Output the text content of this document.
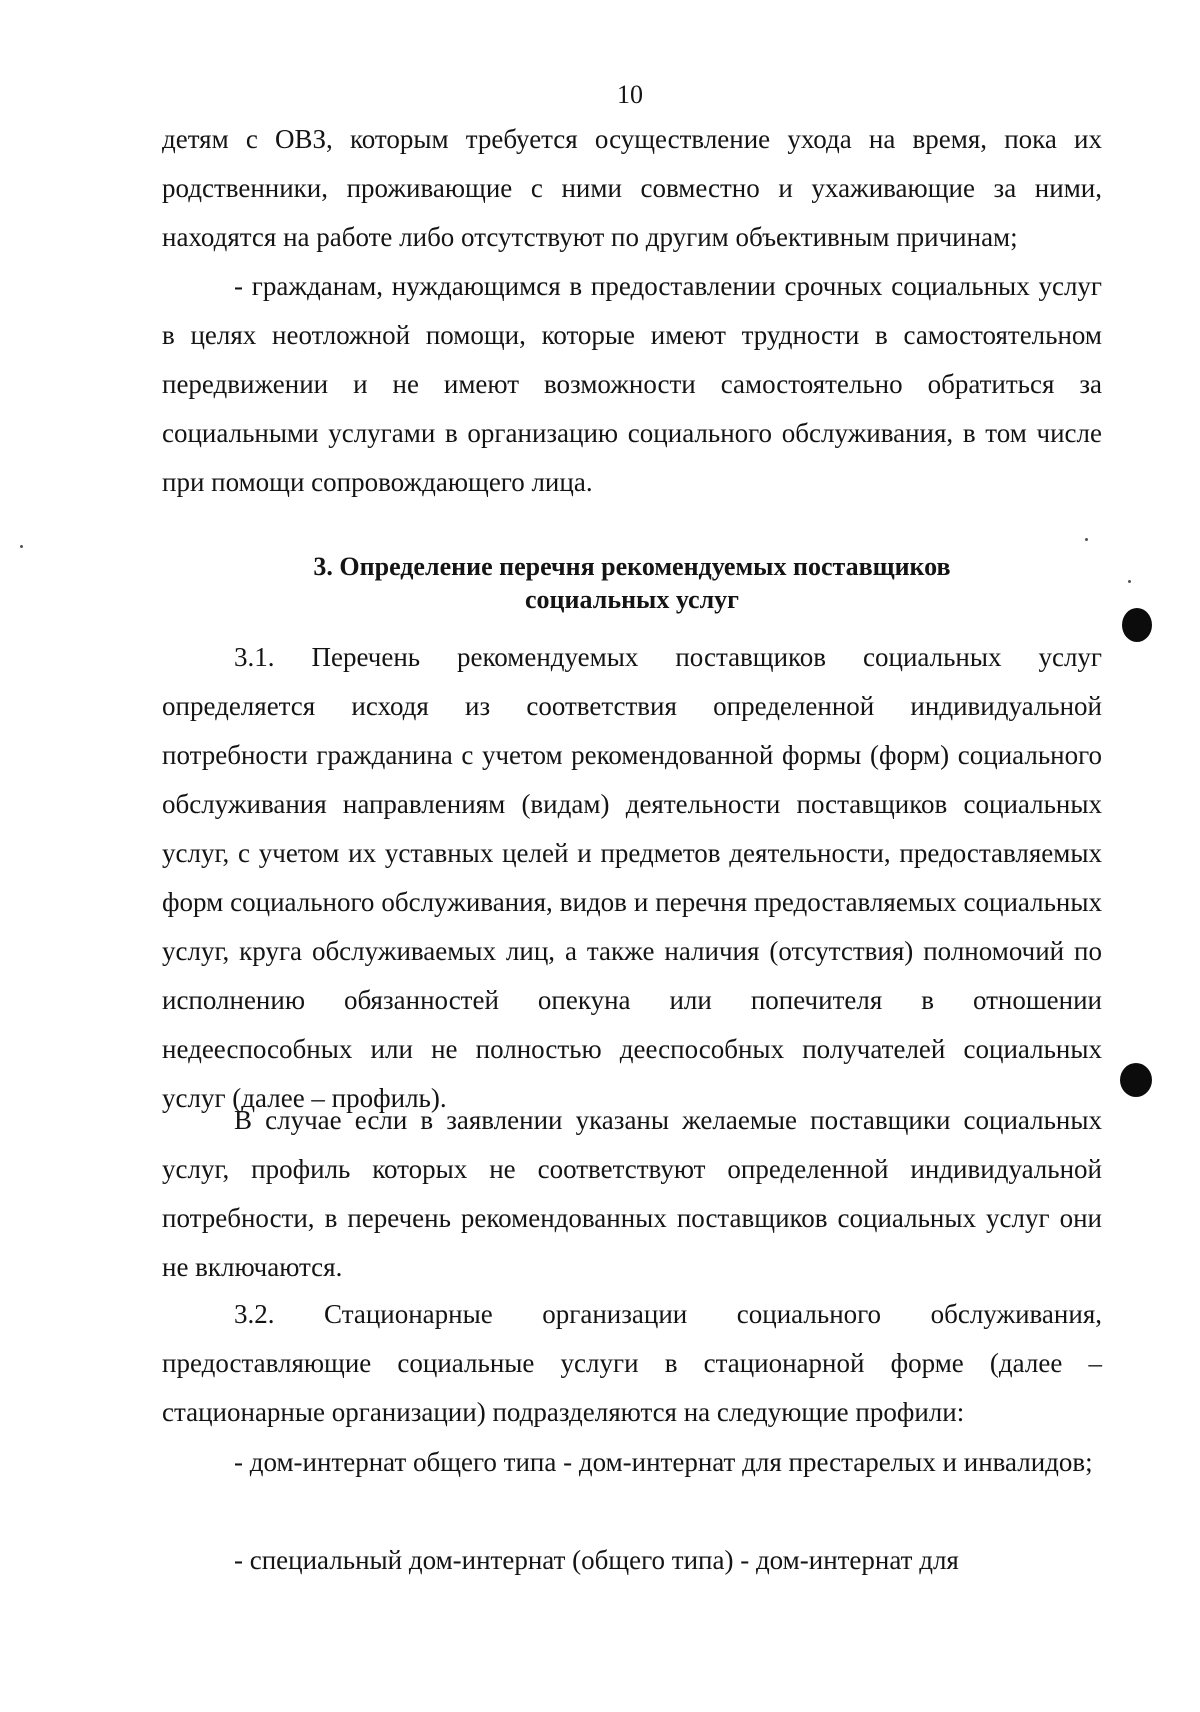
10

детям с ОВЗ, которым требуется осуществление ухода на время, пока их родственники, проживающие с ними совместно и ухаживающие за ними, находятся на работе либо отсутствуют по другим объективным причинам;

- гражданам, нуждающимся в предоставлении срочных социальных услуг в целях неотложной помощи, которые имеют трудности в самостоятельном передвижении и не имеют возможности самостоятельно обратиться за социальными услугами в организацию социального обслуживания, в том числе при помощи сопровождающего лица.

3. Определение перечня рекомендуемых поставщиков
социальных услуг

3.1. Перечень рекомендуемых поставщиков социальных услуг определяется исходя из соответствия определенной индивидуальной потребности гражданина с учетом рекомендованной формы (форм) социального обслуживания направлениям (видам) деятельности поставщиков социальных услуг, с учетом их уставных целей и предметов деятельности, предоставляемых форм социального обслуживания, видов и перечня предоставляемых социальных услуг, круга обслуживаемых лиц, а также наличия (отсутствия) полномочий по исполнению обязанностей опекуна или попечителя в отношении недееспособных или не полностью дееспособных получателей социальных услуг (далее – профиль).

В случае если в заявлении указаны желаемые поставщики социальных услуг, профиль которых не соответствуют определенной индивидуальной потребности, в перечень рекомендованных поставщиков социальных услуг они не включаются.

3.2. Стационарные организации социального обслуживания, предоставляющие социальные услуги в стационарной форме (далее – стационарные организации) подразделяются на следующие профили:

- дом-интернат общего типа - дом-интернат для престарелых и инвалидов;

- специальный дом-интернат (общего типа) - дом-интернат для
